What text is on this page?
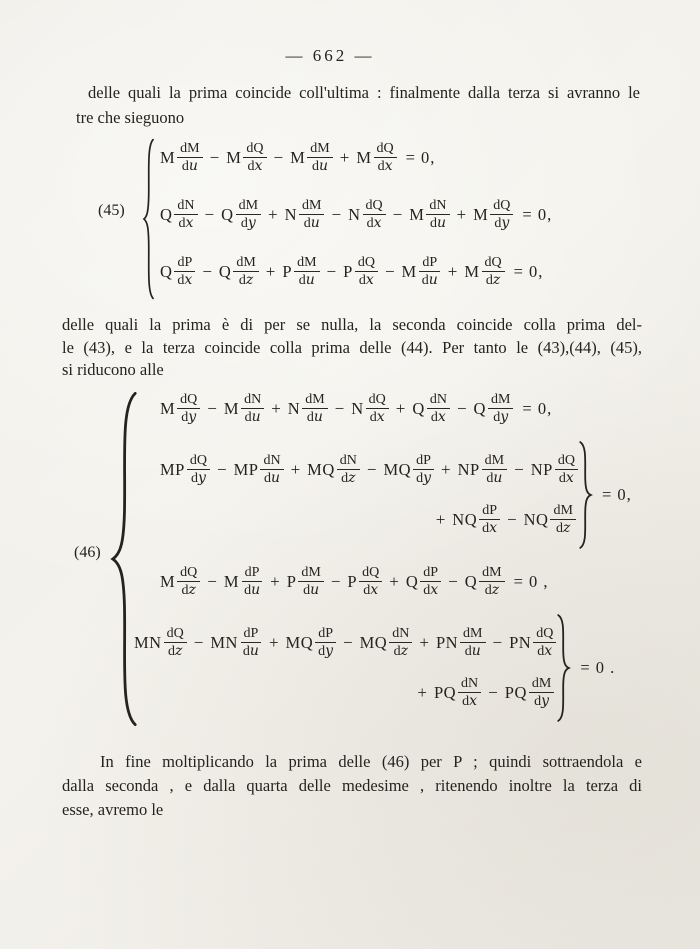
— 662 —
delle quali la prima coincide coll'ultima : finalmente dalla terza si avranno le
tre che sieguono
(45)
M $\frac{dM}{du} - M \frac{dQ}{dx} - M \frac{dM}{du} + M \frac{dQ}{dx} = 0$,
Q $\frac{dN}{dx} - Q \frac{dM}{dy} + N \frac{dM}{du} - N \frac{dQ}{dx} - M \frac{dN}{du} + M \frac{dQ}{dy} = 0$,
Q $\frac{dP}{dx} - Q \frac{dM}{dz} + P \frac{dM}{du} - P \frac{dQ}{dx} - M \frac{dP}{du} + M \frac{dQ}{dz} = 0$,
delle quali la prima è di per se nulla, la seconda coincide colla prima del-
le (43), e la terza coincide colla prima delle (44). Per tanto le (43),(44), (45),
si riducono alle
(46)
M $\frac{dQ}{dy} - M \frac{dN}{du} + N \frac{dM}{du} - N \frac{dQ}{dx} + Q \frac{dN}{dx} - Q \frac{dM}{dy} = 0$,
MP $\frac{dQ}{dy}$ − MP $\frac{dN}{du}$ + MQ $\frac{dN}{dz}$ − MQ $\frac{dP}{dy}$ + NP $\frac{dM}{du}$ − NP $\frac{dQ}{dx}$
+ NQ $\frac{dP}{dx}$ − NQ $\frac{dM}{dz}$
= 0,
M $\frac{dQ}{dz} - M \frac{dP}{du} + P \frac{dM}{du} - P \frac{dQ}{dx} + Q \frac{dP}{dx} - Q \frac{dM}{dz} = 0$ ,
MN $\frac{dQ}{dz}$ − MN $\frac{dP}{du}$ + MQ $\frac{dP}{dy}$ − MQ $\frac{dN}{dz}$ + PN $\frac{dM}{du}$ − PN $\frac{dQ}{dx}$
+ PQ $\frac{dN}{dx}$ − PQ $\frac{dM}{dy}$
= 0 .
In fine moltiplicando la prima delle (46) per P ; quindi sottraendola e
dalla seconda , e dalla quarta delle medesime , ritenendo inoltre la terza di
esse, avremo le
